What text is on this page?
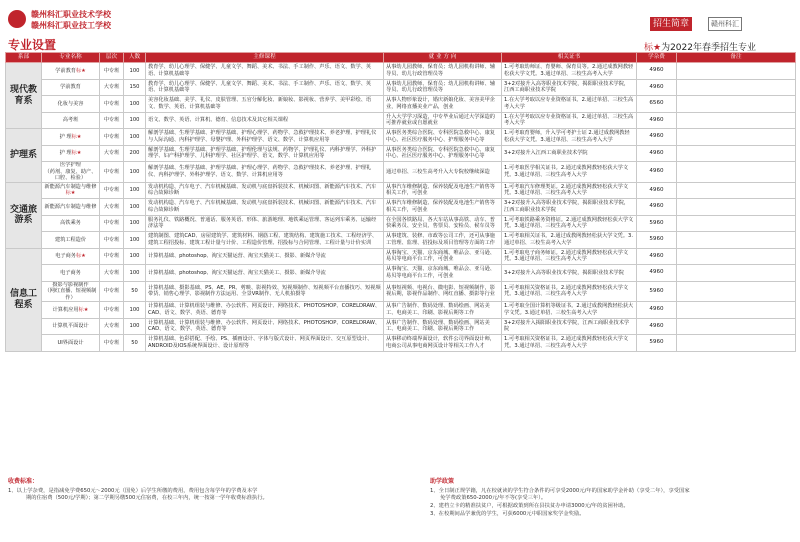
赣州科汇职业技术学校
赣州科汇职业技工学校
专业设置
招生简章	赣州科汇
标★为2022年春季招生专业
系部	专业名称	层次	人数	主修课程	就 业 方 向	相关证书	学杂费	备注
现代教育系	学前教育标★	中专班	100	教育学、幼儿心理学、保健学、儿童文学、舞蹈、美术、书法、手工制作、声乐、语文、数学、英语、计算机基础等	从事幼儿园教师、保育员；幼儿园机构讲师、辅导员、幼儿行政管理员等	1.可考取幼师证、育婴师、保育员等。2.通过成教网教轻松获大学文凭。3.通过单招、三校生高考入大学	4960	
	学前教育	大专班	150	教育学、幼儿心理学、保健学、儿童文学、舞蹈、美术、书法、手工制作、声乐、语文、数学、英语、计算机基础等	从事幼儿园教师、保育员；幼儿园机构讲师、辅导员、幼儿行政管理员等	3+2对接升入高等职业技术学院，揭阳职业技术学院，江西工商职业技术学院	4960	
	化妆与美容	中专班	100	美容化妆基础、美学、礼仪、皮肤管理、五官分解化妆、新娘妆、影视妆、营养学、美甲彩绘、语文、数学、英语、计算机基础等	从事人物形象设计，婚庆新娘化妆、美容美甲企业，网络直播美业产品，创业	1.在大学考取以应专业资格证书。2.通过单招、三校生高考入大学	6560	
	高考班	中专班	100	语文、数学、英语、计算机、德育、信息技术及其它相关课程	升入大学学习深造，中专毕业后通过大学深造的可推荐就业或自愿就业	1.在大学考取以应专业资格证书。2.通过单招、三校生高考入大学	4960	
护理系	护 理标★	中专班	100	解剖学基础、生理学基础、护理学基础、护理心理学、药物学、急救护理技术、养老护理、护理礼仪与人际沟通、内科护理学、母婴护理、外科护理学、语文、数学、计算机应用等	从事医务类综合医院、专科医院急救中心、康复中心、社区医疗服务中心、护理服务中心等	1.可考取育婴师，升入学可考护士证 2.通过成教网教轻松获大学文凭。3.通过单招、三校生高考入大学	4960	
	护 理标★	大专班	200	解剖学基础、生理学基础、护理学基础、护理伦理与法规、药物学、护理礼仪、内科护理学、外科护理学、妇产科护理学、儿科护理学、社区护理学、语文、数学、计算机应用等	从事医务类综合医院、专科医院急救中心、康复中心、社区医疗服务中心、护理服务中心等	3+2对接升入江西工商职业技术学院	4960	
	医学护理
（药剂、康复、助产、口腔、检验）	中专班	100	解剖学基础、生理学基础、护理学基础、护理心理学、药物学、急救护理技术、养老护理、护理礼仪、内科护理学、外科护理学、语文、数学、计算机应用等	通过单招、三校生高考升入大专院校继续深造	1.可考取医学相关证书。2.通过成教网教轻松获大学文凭。3.通过单招、三校生高考入大学	4960	
交通旅游系	新能源汽车制造与维修标★	中专班	100	发动机构造、汽车电子、汽车机械基础、发动机与底盘拆装技术、机械识图、新能源汽车技术、汽车综合故障诊断	从事汽车维修制造、保养装配及电池生产销售等相关工作，可创业	1.可考取汽车修理类证。2.通过成教网教轻松获大学文凭。3.通过单招、三校生高考入大学	4960	
	新能源汽车制造与维修	大专班	100	发动机构造、汽车电子、汽车机械基础、发动机与底盘拆装技术、机械识图、新能源汽车技术、汽车综合故障诊断	从事汽车维修制造、保养装配及电池生产销售等相关工作，可创业	3+2对接升入高等职业技术学院，揭阳职业技术学院，江西工商职业技术学院	4960	
	高铁乘务	中专班	100	服务礼仪、铁路概况、普通话、服务英语、形体、旅游地理、地铁乘运管理、客运列车乘务、运输经济法等	在全国各铁路局、各大车站从事高铁、动车、普快乘务员、安全员、售票员、安检员、候车员等	1.可考取铁路乘务资格证。2.通过成教网教轻松获大学文凭。3.通过单招、三校生高考入大学	5960	
	建筑工程造价	中专班	100	建筑制图、建筑CAD、房屋建筑学、建筑材料、钢筋工程、建筑结构、建筑施工技术、工程经济学、建筑工程招投标、建筑工程计量与计价、工程造价管理、招投标与合同管理、工程计量与计价实训	从事建筑、装修、市政等公司工作，还可从事施工管理、监理、招投标及项目管理等方面的工作	1.可考取相关证书。2.通过成教网教轻松获大学文凭。3.通过单招、三校生高考入大学	5960	
信息工程系	电子商务标★	中专班	100	计算机基础、photoshop、淘宝天猫运营、淘宝天猫美工、摄影、新媒介导流	从事淘宝、天猫、京东商城、唯品会、亚马逊、易贝等电商平台工作，可创业	1.可考取电子商务师证。2.通过成教网教轻松获大学文凭。3.通过单招、三校生高考入大学	4960	
	电子商务	大专班	100	计算机基础、photoshop、淘宝天猫运营、淘宝天猫美工、摄影、新媒介导流	从事淘宝、天猫、京东商城、唯品会、亚马逊、易贝等电商平台工作，可创业	3+2对接升入高等职业技术学院，揭阳职业技术学院	4960	
	摄影与影视制作
（网红直播、短视频制作）	中专班	50	计算机基础、摄影基础、PS、AE、PR、剪映、影视特效、短视频制作、短视频平台直播技巧、短视频带货、销售心理学、影视制作方法运用、全景VR制作、无人机拍摄等	从事短视频、电视台、微电影、短视频制作，影视后期，影视作品制作、网红直播、摄影等行业	1.可考取相关资格证书。2.通过成教网教轻松获大学文凭。3.通过单招、三校生高考入大学	5960	
	计算机应用标★	中专班	100	计算机基础、计算机组装与维修、办公软件、网页设计、网络技术、PHOTOSHOP、CORELDRAW、CAD、语文、数学、英语、德育等	从事广告制作、数码处理、数码绘画、网站美工、电商美工、印刷、影视后期等工作	1.可考取全国计算机等级证书。2.通过成教网教轻松获大学文凭。3.通过单招、三校生高考入大学	4960	
	计算机平面设计	大专班	100	计算机基础、计算机组装与维修、办公软件、网页设计、网络技术、PHOTOSHOP、CORELDRAW、CAD、语文、数学、英语、德育等	从事广告制作、数码处理、数码绘画、网站美工、电商美工、印刷、影视后期等工作	3+2对接升入揭阳职业技术学院，江西工商职业技术学院	4960	
	UI界面设计	中专班	50	计算机基础、色彩搭配、手绘、PS、插画设计、字体与版式设计、网页界面设计、交互原型设计、ANDROID及IOS系统界面设计、设计原理等	从事移动终端界面设计，软件公司界面设计师，电商公司从事电商网页设计等相关工作人才	1.可考取相关资格证书。2.通过成教网教轻松获大学文凭。3.通过单招、三校生高考入大学	5960	
收费标准：
1、以上学杂费，是指减免学费650元～2000元（国免）后学生所缴的费用，费用包含每学年的学费及本学
期的住宿费（500元/学期）；第二学期另缴500元住宿费，在校三年内，统一按第一学年收费标准执行。
助学政策
1、全日制正规学籍，凡在校就读的学生符合条件的可享受2000元/年的国家助学金补助（享受二年），享受国家
免学费政策650-2000元/年不等(享受三年）。
2、建档立卡的精准扶贫户，可根据政策到所在县扶贫办申请3000元/年的贫困补助。
3、在校期间品学兼优的学生，可获6000元中职国家奖学金奖励。
